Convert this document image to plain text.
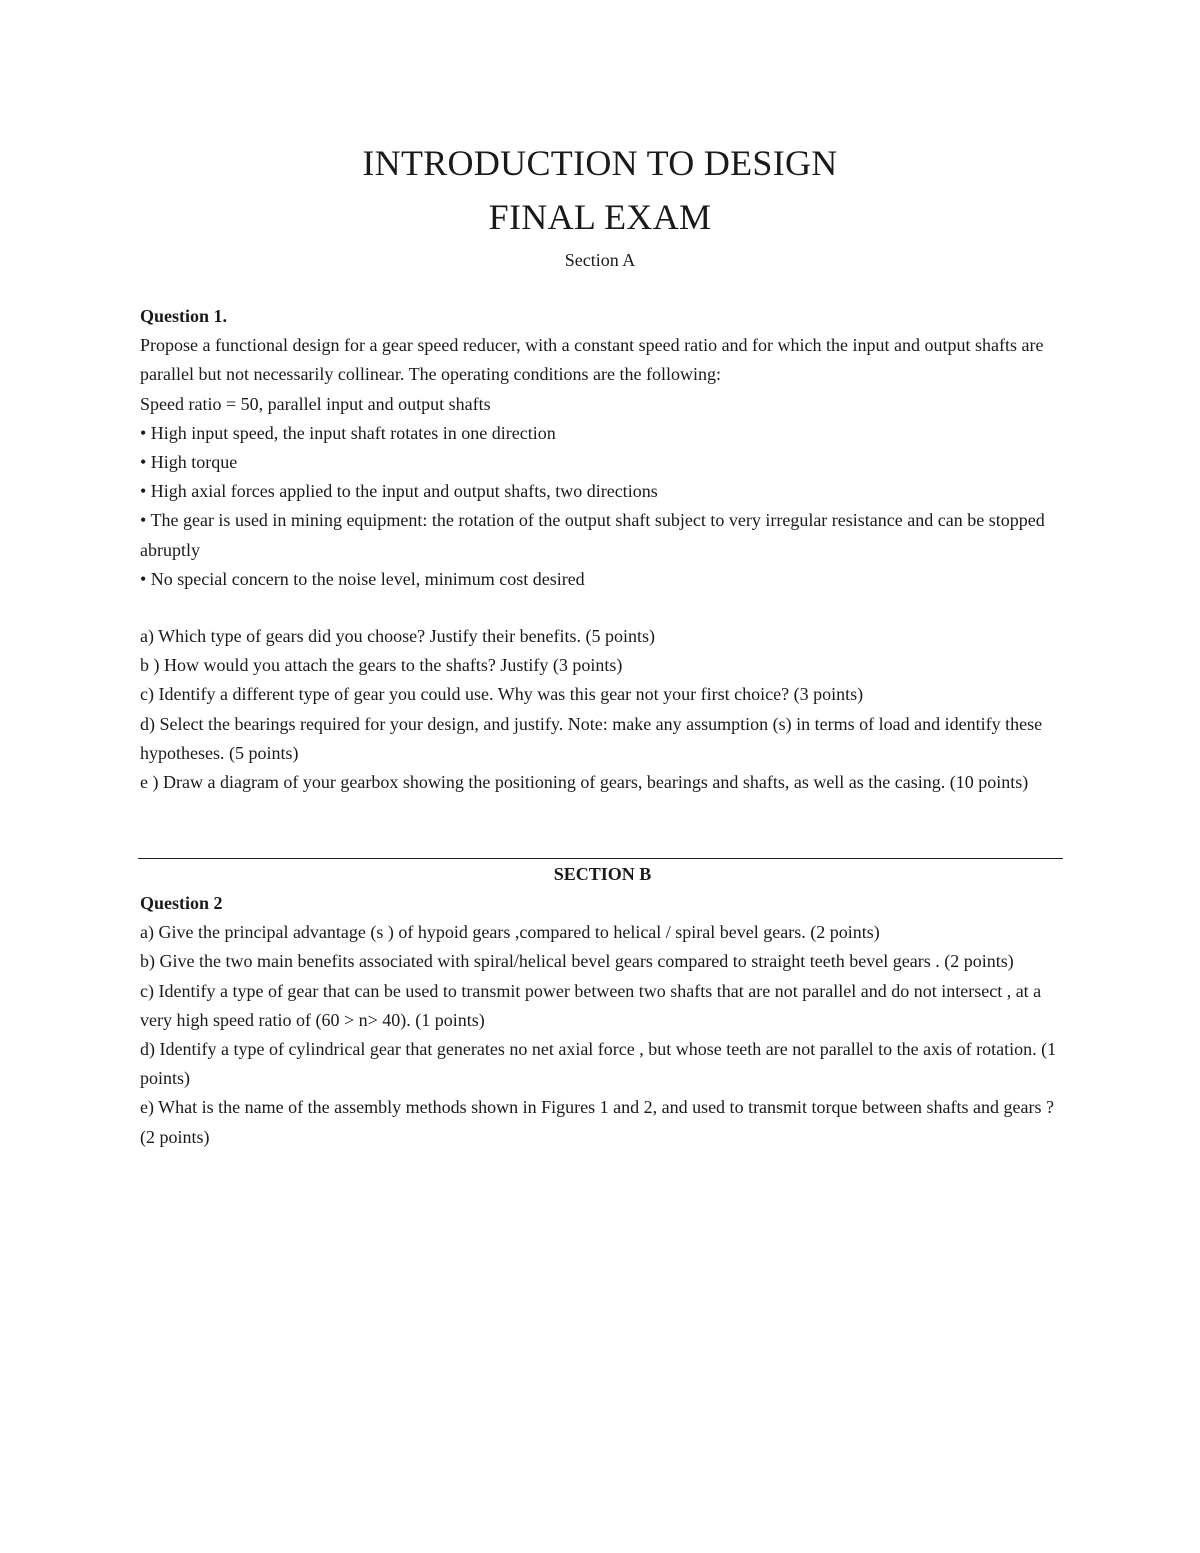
INTRODUCTION TO DESIGN
FINAL EXAM
Section A
Question 1.
Propose a functional design for a gear speed reducer, with a constant speed ratio and for which the input and output shafts are parallel but not necessarily collinear. The operating conditions are the following:
Speed ratio = 50, parallel input and output shafts
• High input speed, the input shaft rotates in one direction
• High torque
• High axial forces applied to the input and output shafts, two directions
• The gear is used in mining equipment: the rotation of the output shaft subject to very irregular resistance and can be stopped abruptly
• No special concern to the noise level, minimum cost desired
a) Which type of gears did you choose? Justify their benefits. (5 points)
b ) How would you attach the gears to the shafts? Justify (3 points)
c) Identify a different type of gear you could use. Why was this gear not your first choice? (3 points)
d) Select the bearings required for your design, and justify. Note: make any assumption (s) in terms of load and identify these hypotheses. (5 points)
e ) Draw a diagram of your gearbox showing the positioning of gears, bearings and shafts, as well as the casing. (10 points)
SECTION B
Question 2
a) Give the principal advantage (s ) of hypoid gears ,compared to helical / spiral bevel gears. (2 points)
b) Give the two main benefits associated with spiral/helical bevel gears compared to straight teeth bevel gears . (2 points)
c) Identify a type of gear that can be used to transmit power between two shafts that are not parallel and do not intersect , at a very high speed ratio of (60 > n> 40). (1 points)
d) Identify a type of cylindrical gear that generates no net axial force , but whose teeth are not parallel to the axis of rotation. (1 points)
e) What is the name of the assembly methods shown in Figures 1 and 2, and used to transmit torque between shafts and gears ? (2 points)
